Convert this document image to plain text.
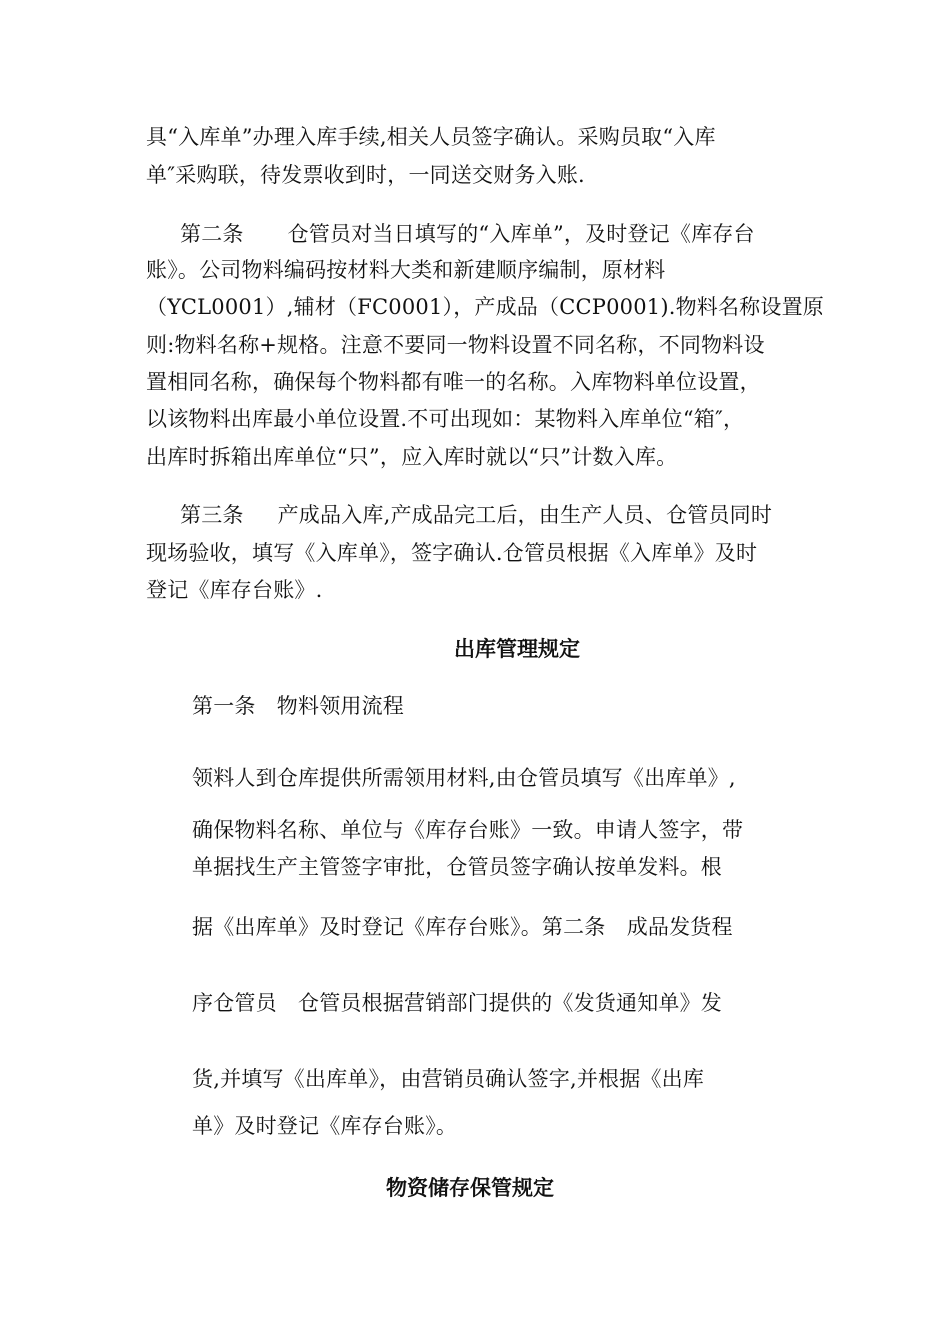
具“入库单”办理入库手续,相关人员签字确认。采购员取“入库
单″采购联，待发票收到时，一同送交财务入账.
第二条 仓管员对当日填写的“入库单”，及时登记《库存台
账》。公司物料编码按材料大类和新建顺序编制，原材料
（YCL0001）,辅材（FC0001），产成品（CCP0001).物料名称设置原
则:物料名称+规格。注意不要同一物料设置不同名称，不同物料设
置相同名称，确保每个物料都有唯一的名称。入库物料单位设置，
以该物料出库最小单位设置.不可出现如：某物料入库单位“箱″，
出库时拆箱出库单位“只”，应入库时就以“只”计数入库。
第三条 产成品入库,产成品完工后，由生产人员、仓管员同时
现场验收，填写《入库单》，签字确认.仓管员根据《入库单》及时
登记《库存台账》.
出库管理规定
第一条　物料领用流程
领料人到仓库提供所需领用材料,由仓管员填写《出库单》,
确保物料名称、单位与《库存台账》一致。申请人签字，带
单据找生产主管签字审批，仓管员签字确认按单发料。根
据《出库单》及时登记《库存台账》。第二条　成品发货程
序仓管员　仓管员根据营销部门提供的《发货通知单》发
货,并填写《出库单》，由营销员确认签字,并根据《出库
单》及时登记《库存台账》。
物资储存保管规定
